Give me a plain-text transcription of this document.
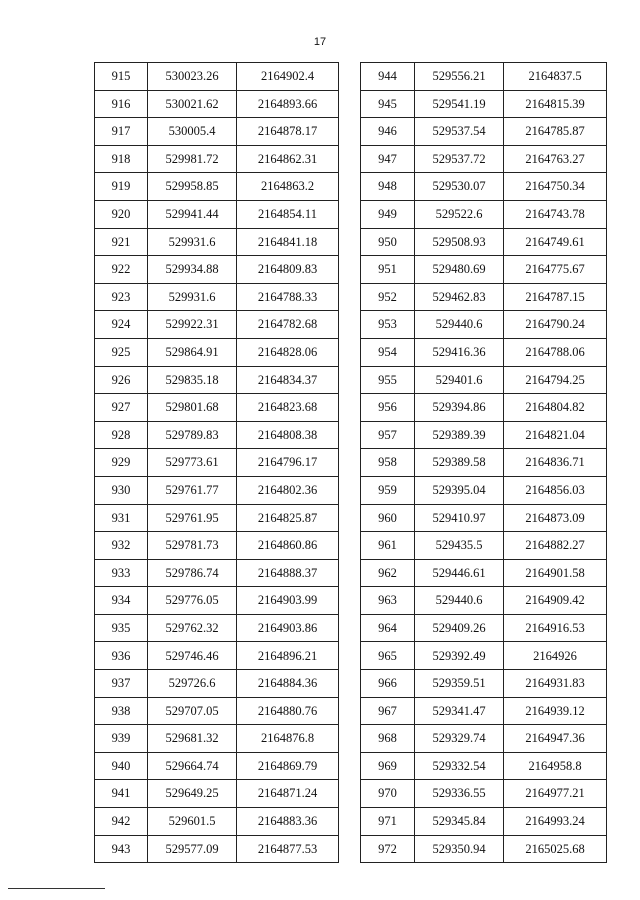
17
915	530023.26	2164902.4
916	530021.62	2164893.66
917	530005.4	2164878.17
918	529981.72	2164862.31
919	529958.85	2164863.2
920	529941.44	2164854.11
921	529931.6	2164841.18
922	529934.88	2164809.83
923	529931.6	2164788.33
924	529922.31	2164782.68
925	529864.91	2164828.06
926	529835.18	2164834.37
927	529801.68	2164823.68
928	529789.83	2164808.38
929	529773.61	2164796.17
930	529761.77	2164802.36
931	529761.95	2164825.87
932	529781.73	2164860.86
933	529786.74	2164888.37
934	529776.05	2164903.99
935	529762.32	2164903.86
936	529746.46	2164896.21
937	529726.6	2164884.36
938	529707.05	2164880.76
939	529681.32	2164876.8
940	529664.74	2164869.79
941	529649.25	2164871.24
942	529601.5	2164883.36
943	529577.09	2164877.53
944	529556.21	2164837.5
945	529541.19	2164815.39
946	529537.54	2164785.87
947	529537.72	2164763.27
948	529530.07	2164750.34
949	529522.6	2164743.78
950	529508.93	2164749.61
951	529480.69	2164775.67
952	529462.83	2164787.15
953	529440.6	2164790.24
954	529416.36	2164788.06
955	529401.6	2164794.25
956	529394.86	2164804.82
957	529389.39	2164821.04
958	529389.58	2164836.71
959	529395.04	2164856.03
960	529410.97	2164873.09
961	529435.5	2164882.27
962	529446.61	2164901.58
963	529440.6	2164909.42
964	529409.26	2164916.53
965	529392.49	2164926
966	529359.51	2164931.83
967	529341.47	2164939.12
968	529329.74	2164947.36
969	529332.54	2164958.8
970	529336.55	2164977.21
971	529345.84	2164993.24
972	529350.94	2165025.68
